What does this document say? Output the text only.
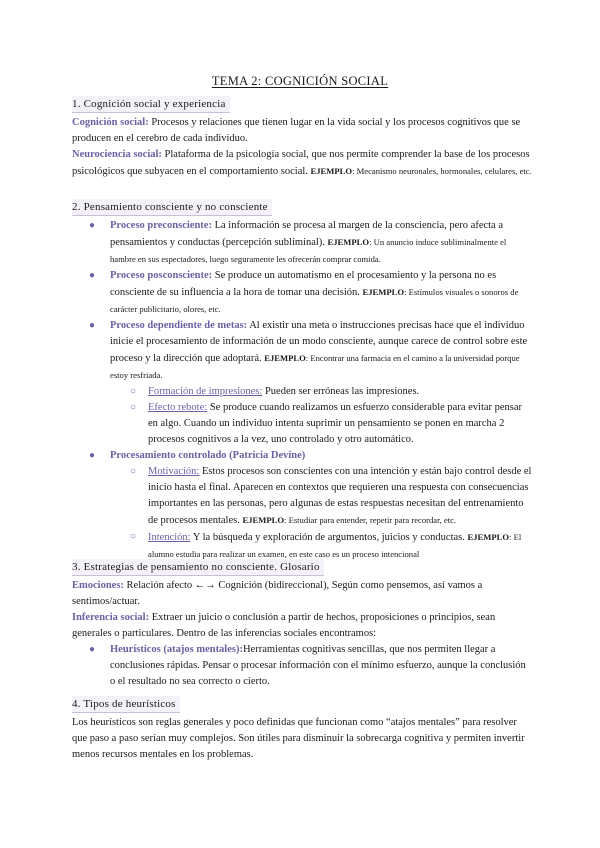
TEMA 2: COGNICIÓN SOCIAL
1. Cognición social y experiencia
Cognición social: Procesos y relaciones que tienen lugar en la vida social y los procesos cognitivos que se producen en el cerebro de cada individuo.
Neurociencia social: Plataforma de la psicología social, que nos permite comprender la base de los procesos psicológicos que subyacen en el comportamiento social. EJEMPLO: Mecanismo neuronales, hormonales, celulares, etc.
2. Pensamiento consciente y no consciente
● Proceso preconsciente: La información se procesa al margen de la consciencia, pero afecta a pensamientos y conductas (percepción subliminal). EJEMPLO: Un anuncio induce subliminalmente el hambre en sus espectadores, luego seguramente les ofrecerán comprar comida.
● Proceso posconsciente: Se produce un automatismo en el procesamiento y la persona no es consciente de su influencia a la hora de tomar una decisión. EJEMPLO: Estímulos visuales o sonoros de carácter publicitario, olores, etc.
● Proceso dependiente de metas: Al existir una meta o instrucciones precisas hace que el individuo inicie el procesamiento de información de un modo consciente, aunque carece de control sobre este proceso y la dirección que adoptará. EJEMPLO: Encontrar una farmacia en el camino a la universidad porque estoy resfriada.
○ Formación de impresiones: Pueden ser erróneas las impresiones.
○ Efecto rebote: Se produce cuando realizamos un esfuerzo considerable para evitar pensar en algo. Cuando un individuo intenta suprimir un pensamiento se ponen en marcha 2 procesos cognitivos a la vez, uno controlado y otro automático.
● Procesamiento controlado (Patricia Devine)
○ Motivación: Estos procesos son conscientes con una intención y están bajo control desde el inicio hasta el final. Aparecen en contextos que requieren una respuesta con consecuencias importantes en las personas, pero algunas de estas respuestas necesitan del entrenamiento de procesos mentales. EJEMPLO: Estudiar para entender, repetir para recordar, etc.
○ Intención: Y la búsqueda y exploración de argumentos, juicios y conductas. EJEMPLO: El alumno estudia para realizar un examen, en este caso es un proceso intencional
3. Estrategias de pensamiento no consciente. Glosario
Emociones: Relación afecto ←→ Cognición (bidireccional), Según como pensemos, así vamos a sentimos/actuar.
Inferencia social: Extraer un juicio o conclusión a partir de hechos, proposiciones o principios, sean generales o particulares. Dentro de las inferencias sociales encontramos:
● Heurísticos (atajos mentales):Herramientas cognitivas sencillas, que nos permiten llegar a conclusiones rápidas. Pensar o procesar información con el mínimo esfuerzo, aunque la conclusión o el resultado no sea correcto o cierto.
4. Tipos de heurísticos
Los heurísticos son reglas generales y poco definidas que funcionan como “atajos mentales” para resolver que paso a paso serían muy complejos. Son útiles para disminuir la sobrecarga cognitiva y permiten invertir menos recursos mentales en los problemas.
